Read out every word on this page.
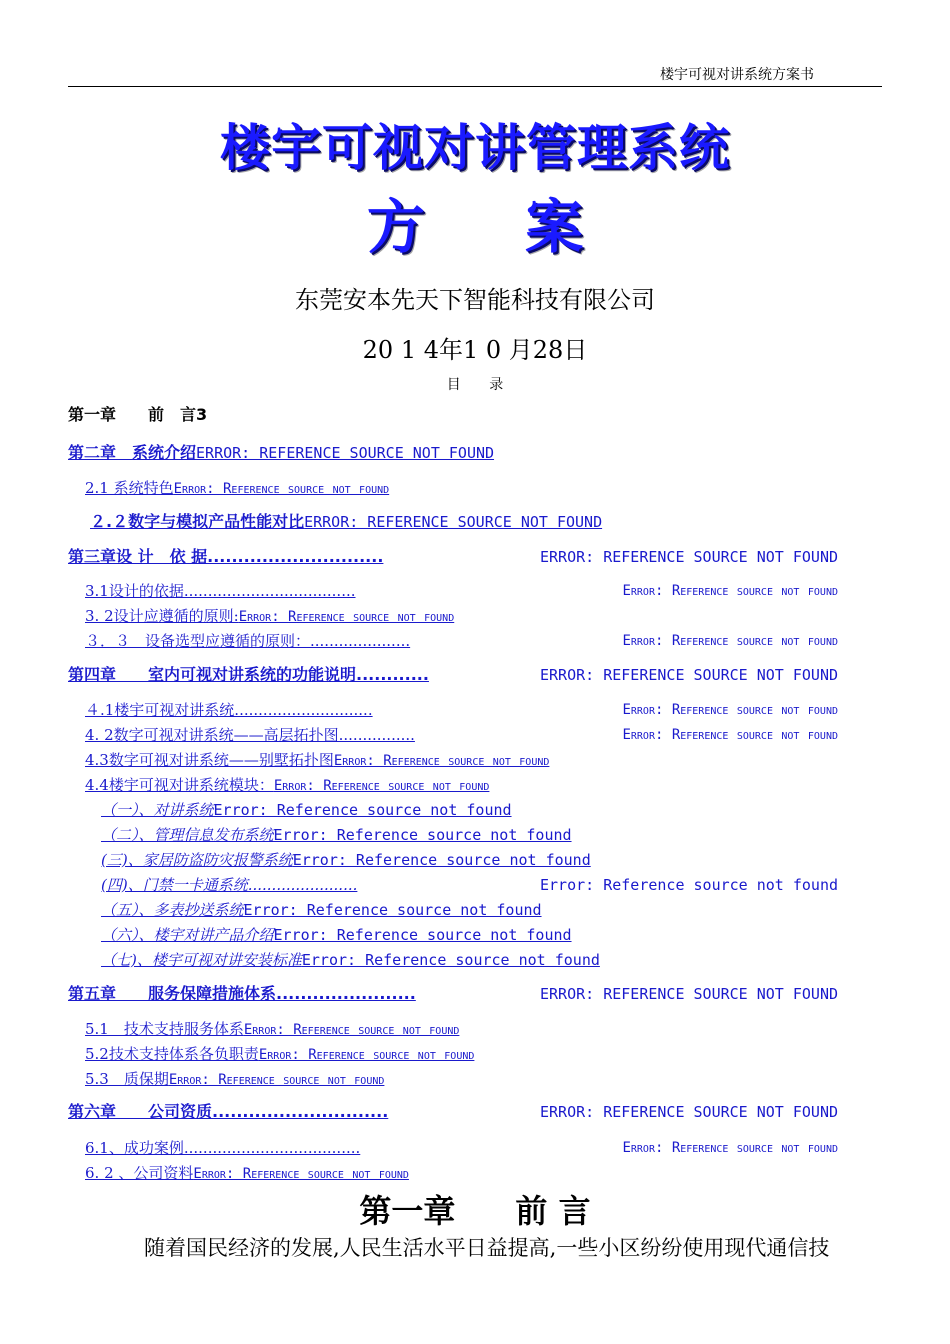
楼宇可视对讲系统方案书
楼宇可视对讲管理系统
方 案
东莞安本先天下智能科技有限公司
20 1 4年1 0 月28日
目 录
第一章　　前　言3
第二章　系统介绍ERROR: REFERENCE SOURCE NOT FOUND
2.1 系统特色Error: Reference source not found
２.２数字与模拟产品性能对比ERROR: REFERENCE SOURCE NOT FOUND
第三章设 计　依 据.............................	ERROR: REFERENCE SOURCE NOT FOUND
3.1设计的依据....................................	Error: Reference source not found
3. 2设计应遵循的原则:Error: Reference source not found
３．３　设备选型应遵循的原则：.....................	Error: Reference source not found
第四章　　室内可视对讲系统的功能说明............	ERROR: REFERENCE SOURCE NOT FOUND
４.1楼宇可视对讲系统.............................	Error: Reference source not found
4. 2数字可视对讲系统——高层拓扑图................	Error: Reference source not found
4.3数字可视对讲系统——别墅拓扑图Error: Reference source not found
4.4楼宇可视对讲系统模块：Error: Reference source not found
（一）、对讲系统Error: Reference source not found
（二）、管理信息发布系统Error: Reference source not found
(三)、家居防盗防灾报警系统Error: Reference source not found
(四)、门禁一卡通系统.......................	Error: Reference source not found
（五）、多表抄送系统Error: Reference source not found
（六）、楼宇对讲产品介绍Error: Reference source not found
（七)、楼宇可视对讲安装标准Error: Reference source not found
第五章　　服务保障措施体系.......................	ERROR: REFERENCE SOURCE NOT FOUND
5.1　技术支持服务体系Error: Reference source not found
5.2技术支持体系各负职责Error: Reference source not found
5.3　质保期Error: Reference source not found
第六章　　公司资质.............................	ERROR: REFERENCE SOURCE NOT FOUND
6.1、成功案例.....................................	Error: Reference source not found
6. 2 、公司资料Error: Reference source not found
第一章 前 言
随着国民经济的发展,人民生活水平日益提高,一些小区纷纷使用现代通信技
